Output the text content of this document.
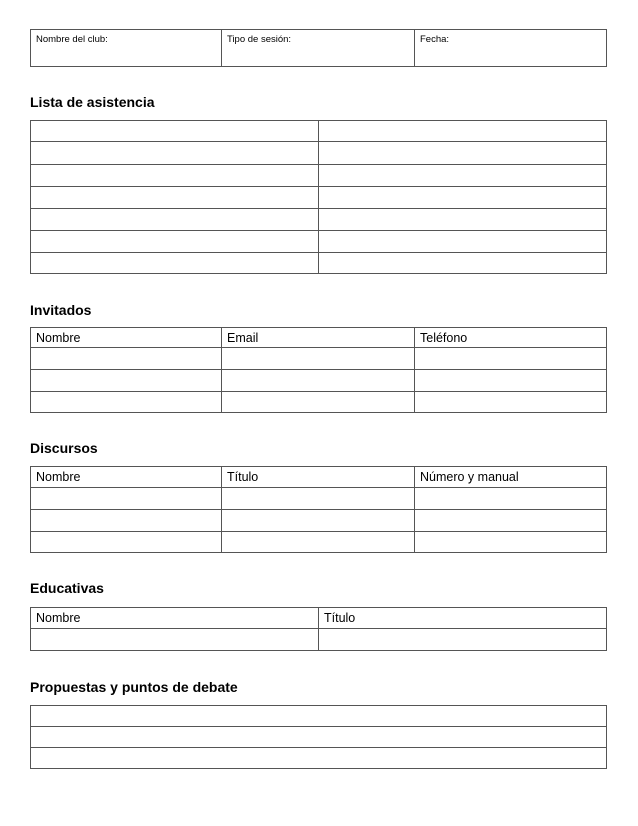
Nombre del club:	Tipo de sesión:	Fecha:
Lista de asistencia

Invitados
Nombre	Email	Teléfono

Discursos
Nombre	Título	Número y manual

Educativas
Nombre	Título

Propuestas y puntos de debate
